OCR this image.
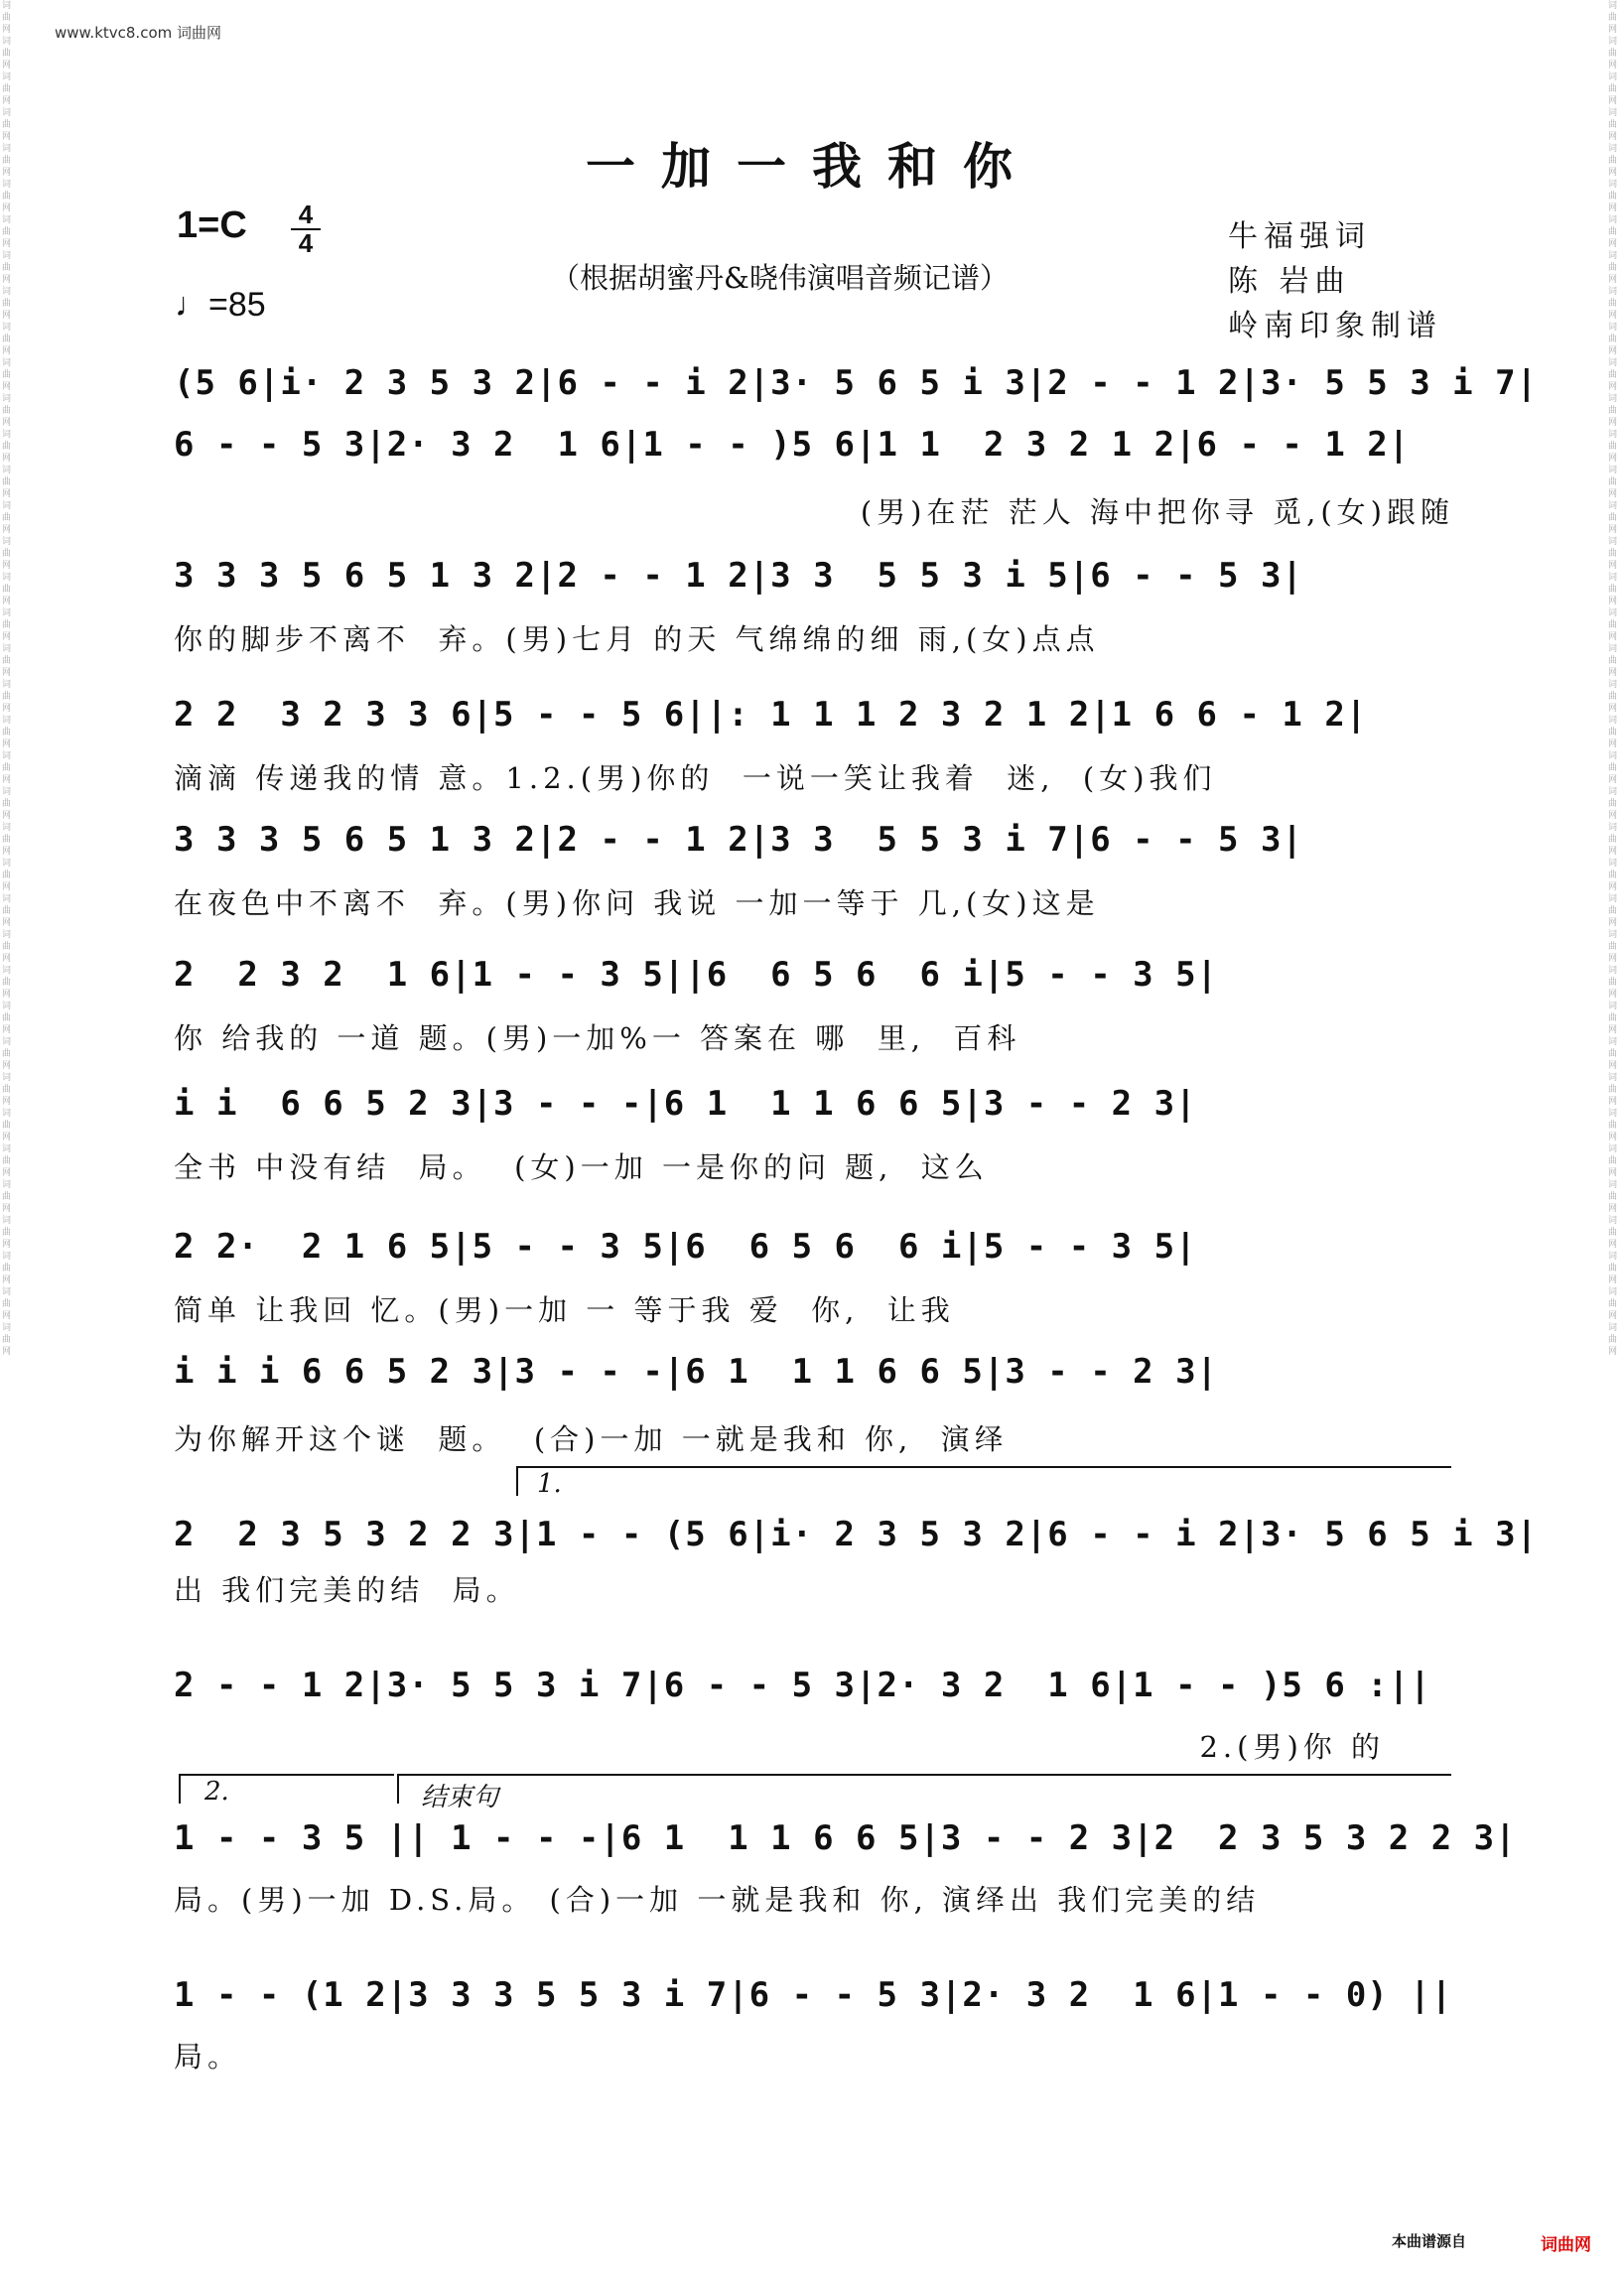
www.ktvc8.com 词曲网
词曲网词曲网词曲网词曲网词曲网词曲网词曲网词曲网词曲网词曲网词曲网词曲网词曲网词曲网词曲网词曲网词曲网词曲网词曲网词曲网词曲网词曲网词曲网词曲网词曲网词曲网词曲网词曲网词曲网词曲网词曲网词曲网词曲网词曲网词曲网词曲网词曲网词曲网
词曲网词曲网词曲网词曲网词曲网词曲网词曲网词曲网词曲网词曲网词曲网词曲网词曲网词曲网词曲网词曲网词曲网词曲网词曲网词曲网词曲网词曲网词曲网词曲网词曲网词曲网词曲网词曲网词曲网词曲网词曲网词曲网词曲网词曲网词曲网词曲网词曲网词曲网
一加一我和你
1=C 4
4
♩=85
（根据胡蜜丹&晓伟演唱音频记谱）
牛福强词
陈 岩曲
岭南印象制谱
(5 6|i· 2 3 5 3 2|6 - - i 2|3· 5 6 5 i 3|2 - - 1 2|3· 5 5 3 i 7|
6 - - 5 3|2· 3 2  1 6|1 - - )5 6|1 1  2 3 2 1 2|6 - - 1 2|
(男)在茫 茫人 海中把你寻 觅,(女)跟随
3 3 3 5 6 5 1 3 2|2 - - 1 2|3 3  5 5 3 i 5|6 - - 5 3|
你的脚步不离不  弃。(男)七月 的天 气绵绵的细 雨,(女)点点
2 2  3 2 3 3 6|5 - - 5 6||: 1 1 1 2 3 2 1 2|1 6 6 - 1 2|
滴滴 传递我的情 意。1.2.(男)你的  一说一笑让我着  迷,  (女)我们
3 3 3 5 6 5 1 3 2|2 - - 1 2|3 3  5 5 3 i 7|6 - - 5 3|
在夜色中不离不  弃。(男)你问 我说 一加一等于 几,(女)这是
2  2 3 2  1 6|1 - - 3 5||6  6 5 6  6 i|5 - - 3 5|
你 给我的 一道 题。(男)一加%一 答案在 哪  里,  百科
i i  6 6 5 2 3|3 - - -|6 1  1 1 6 6 5|3 - - 2 3|
全书 中没有结  局。  (女)一加 一是你的问 题,  这么
2 2·  2 1 6 5|5 - - 3 5|6  6 5 6  6 i|5 - - 3 5|
简单 让我回 忆。(男)一加 一 等于我 爱  你,  让我
i i i 6 6 5 2 3|3 - - -|6 1  1 1 6 6 5|3 - - 2 3|
为你解开这个谜  题。  (合)一加 一就是我和 你,  演绎
1.
2  2 3 5 3 2 2 3|1 - - (5 6|i· 2 3 5 3 2|6 - - i 2|3· 5 6 5 i 3|
出 我们完美的结  局。
2 - - 1 2|3· 5 5 3 i 7|6 - - 5 3|2· 3 2  1 6|1 - - )5 6 :||
2.(男)你 的
2.	结束句
1 - - 3 5 || 1 - - -|6 1  1 1 6 6 5|3 - - 2 3|2  2 3 5 3 2 2 3|
局。(男)一加 D.S.局。 (合)一加 一就是我和 你, 演绎出 我们完美的结
1 - - (1 2|3 3 3 5 5 3 i 7|6 - - 5 3|2· 3 2  1 6|1 - - 0) ||
局。
本曲谱源自	词曲网
